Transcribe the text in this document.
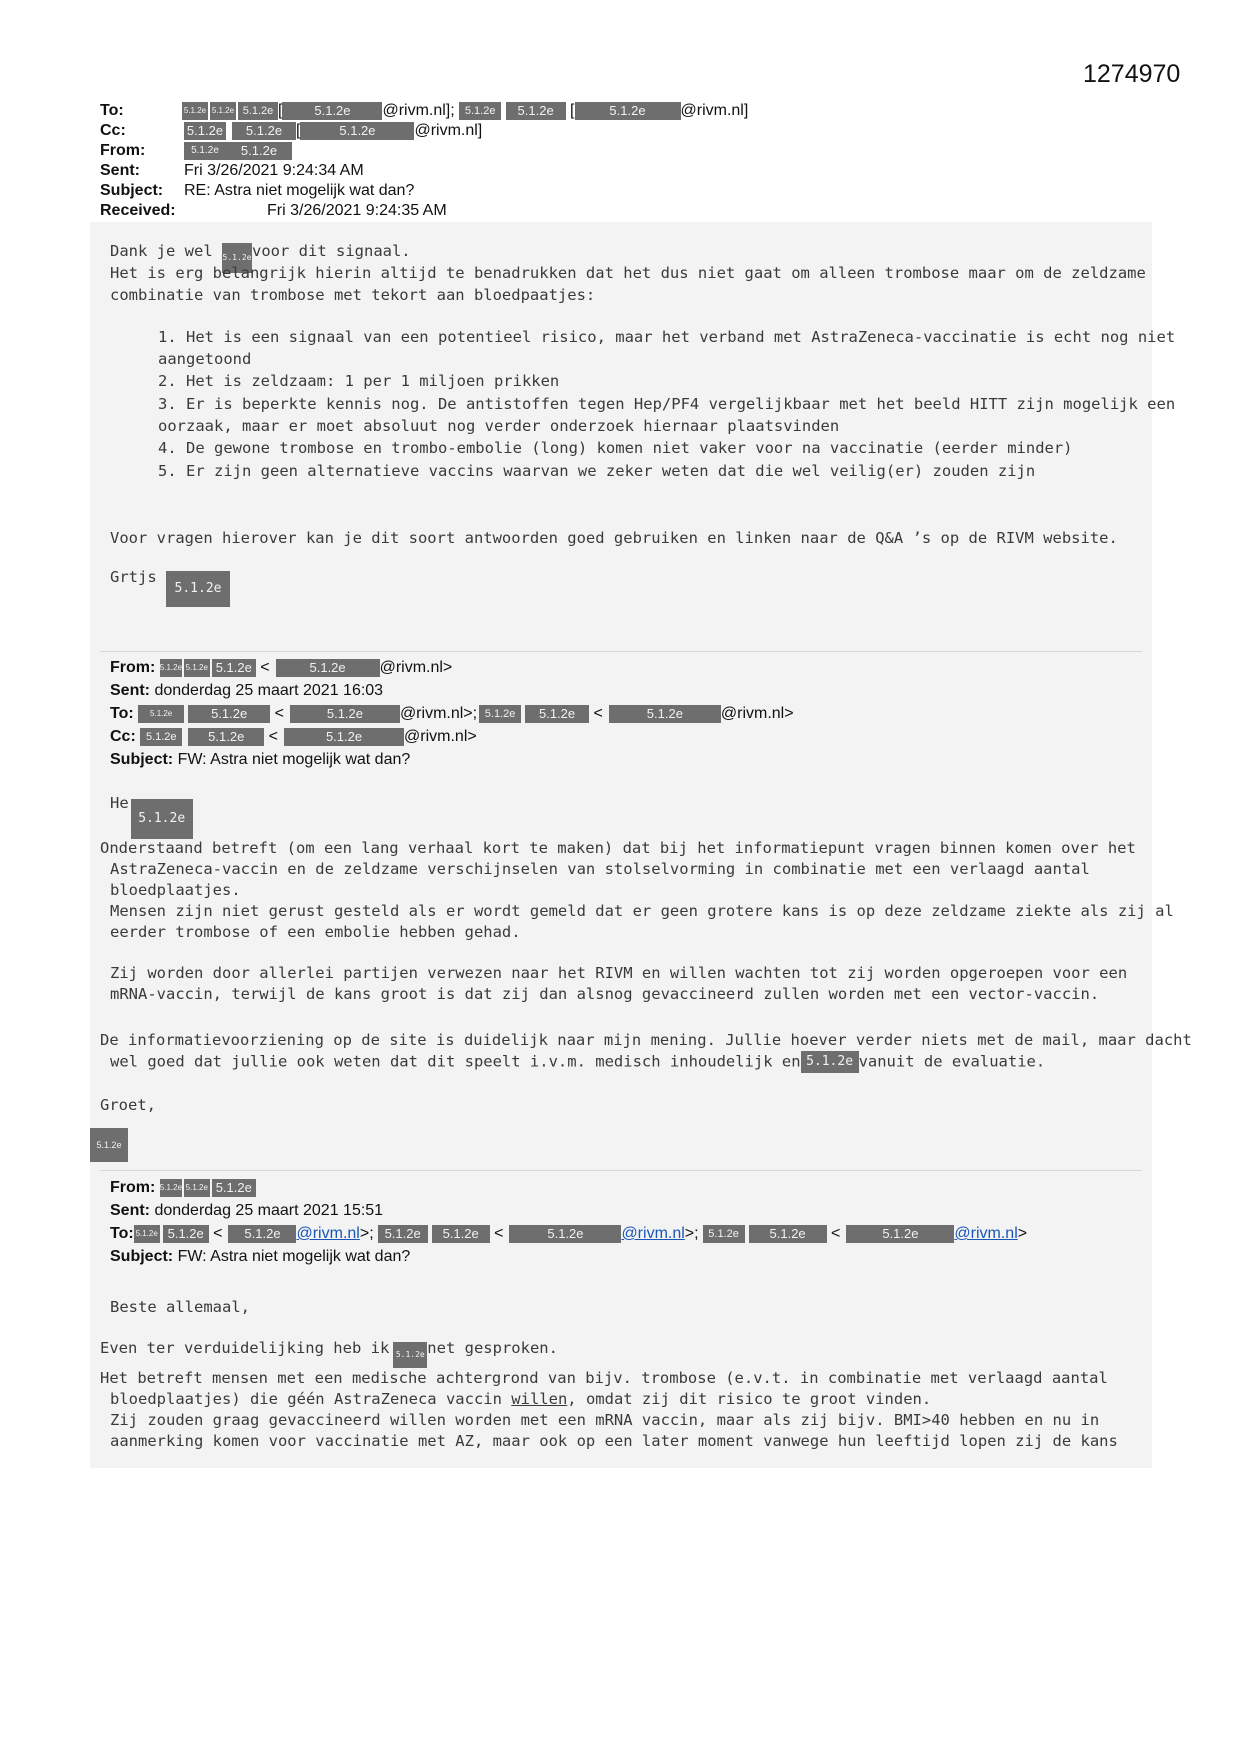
1274970
To:	5.1.2e 5.1.2e 5.1.2e [ 5.1.2e @rivm.nl]; 5.1.2e 5.1.2e [	5.1.2e @rivm.nl]
Cc:	5.1.2e 5.1.2e [	5.1.2e @rivm.nl]
From:	5.1.2e 5.1.2e
Sent:	Fri 3/26/2021 9:24:34 AM
Subject: RE: Astra niet mogelijk wat dan?
Received:	Fri 3/26/2021 9:24:35 AM
Dank je wel 5.1.2evoor dit signaal.
Het is erg belangrijk hierin altijd te benadrukken dat het dus niet gaat om alleen trombose maar om de zeldzame
combinatie van trombose met tekort aan bloedpaatjes:
1. Het is een signaal van een potentieel risico, maar het verband met AstraZeneca-vaccinatie is echt nog niet
aangetoond
2. Het is zeldzaam: 1 per 1 miljoen prikken
3. Er is beperkte kennis nog. De antistoffen tegen Hep/PF4 vergelijkbaar met het beeld HITT zijn mogelijk een
oorzaak, maar er moet absoluut nog verder onderzoek hiernaar plaatsvinden
4. De gewone trombose en trombo-embolie (long) komen niet vaker voor na vaccinatie (eerder minder)
5. Er zijn geen alternatieve vaccins waarvan we zeker weten dat die wel veilig(er) zouden zijn
Voor vragen hierover kan je dit soort antwoorden goed gebruiken en linken naar de Q&A ’s op de RIVM website.
Grtjs 5.1.2e
From: 5.1.2e 5.1.2e 5.1.2e <	5.1.2e @rivm.nl>
Sent: donderdag 25 maart 2021 16:03
To: 5.1.2e	5.1.2e <	5.1.2e @rivm.nl>; 5.1.2e 5.1.2e <	5.1.2e @rivm.nl>
Cc: 5.1.2e 5.1.2e <	5.1.2e	@rivm.nl>
Subject: FW: Astra niet mogelijk wat dan?
He5.1.2e
Onderstaand betreft (om een lang verhaal kort te maken) dat bij het informatiepunt vragen binnen komen over het
AstraZeneca-vaccin en de zeldzame verschijnselen van stolselvorming in combinatie met een verlaagd aantal
bloedplaatjes.
Mensen zijn niet gerust gesteld als er wordt gemeld dat er geen grotere kans is op deze zeldzame ziekte als zij al
eerder trombose of een embolie hebben gehad.
Zij worden door allerlei partijen verwezen naar het RIVM en willen wachten tot zij worden opgeroepen voor een
mRNA-vaccin, terwijl de kans groot is dat zij dan alsnog gevaccineerd zullen worden met een vector-vaccin.
De informatievoorziening op de site is duidelijk naar mijn mening. Jullie hoever verder niets met de mail, maar dacht
wel goed dat jullie ook weten dat dit speelt i.v.m. medisch inhoudelijk en 5.1.2e vanuit de evaluatie.
Groet,
5.1.2e
From: 5.1.2e 5.1.2e 5.1.2e
Sent: donderdag 25 maart 2021 15:51
To: 5.1.2e 5.1.2e < 5.1.2e @rivm.nl>; 5.1.2e 5.1.2e <	5.1.2e @rivm.nl>; 5.1.2e 5.1.2e <	5.1.2e @rivm.nl>
Subject: FW: Astra niet mogelijk wat dan?
Beste allemaal,
Even ter verduidelijking heb ik 5.1.2e net gesproken.
Het betreft mensen met een medische achtergrond van bijv. trombose (e.v.t. in combinatie met verlaagd aantal
bloedplaatjes) die géén AstraZeneca vaccin willen, omdat zij dit risico te groot vinden.
Zij zouden graag gevaccineerd willen worden met een mRNA vaccin, maar als zij bijv. BMI>40 hebben en nu in
aanmerking komen voor vaccinatie met AZ, maar ook op een later moment vanwege hun leeftijd lopen zij de kans
